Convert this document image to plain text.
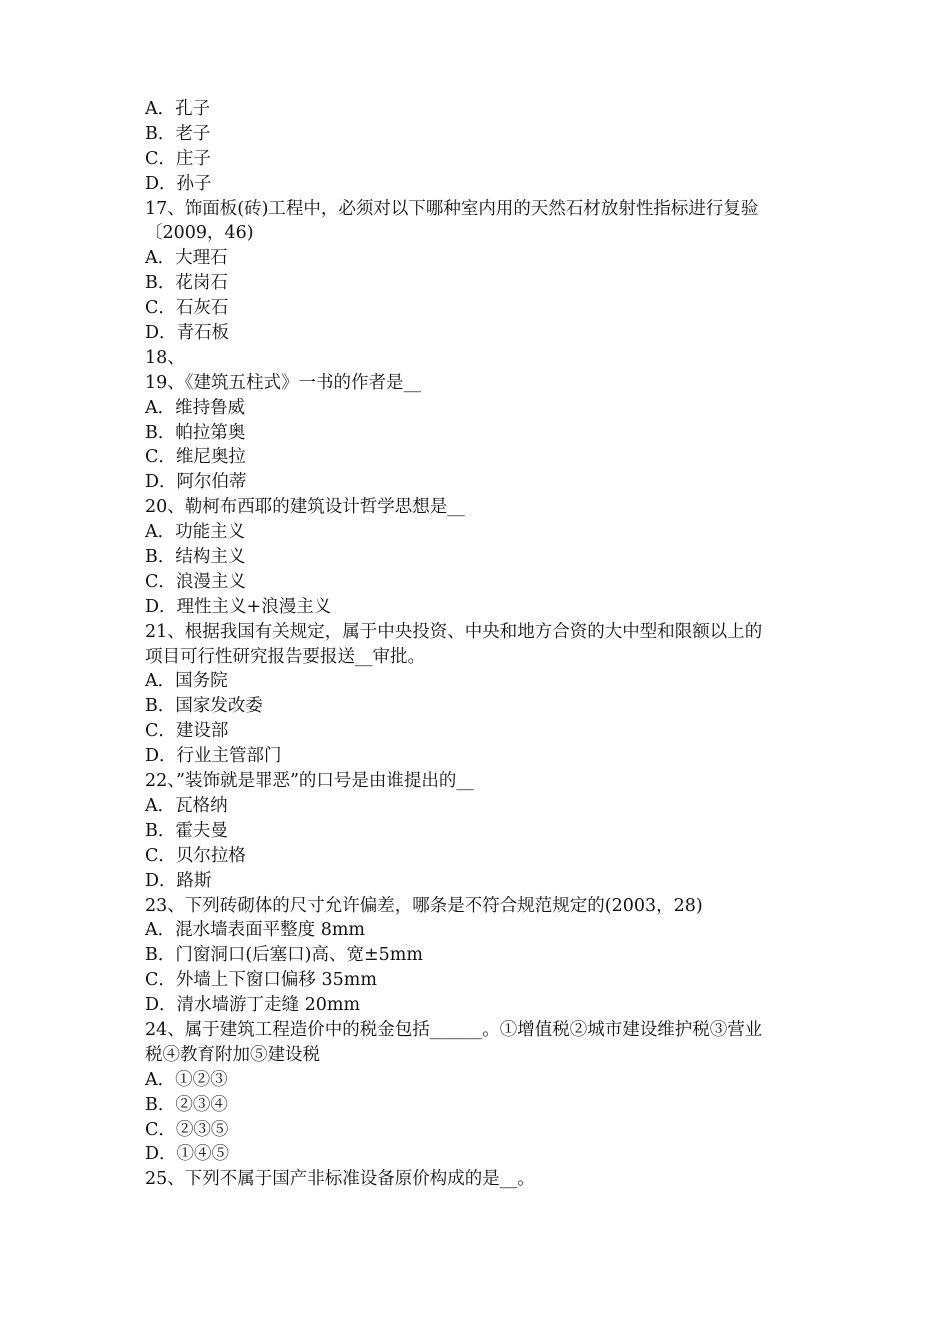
A．孔子
B．老子
C．庄子
D．孙子
17、饰面板(砖)工程中，必须对以下哪种室内用的天然石材放射性指标进行复验
〔2009，46)
A．大理石
B．花岗石
C．石灰石
D．青石板
18、
19、《建筑五柱式》一书的作者是__
A．维持鲁威
B．帕拉第奥
C．维尼奥拉
D．阿尔伯蒂
20、勒柯布西耶的建筑设计哲学思想是__
A．功能主义
B．结构主义
C．浪漫主义
D．理性主义+浪漫主义
21、根据我国有关规定，属于中央投资、中央和地方合资的大中型和限额以上的
项目可行性研究报告要报送__审批。
A．国务院
B．国家发改委
C．建设部
D．行业主管部门
22、”装饰就是罪恶”的口号是由谁提出的__
A．瓦格纳
B．霍夫曼
C．贝尔拉格
D．路斯
23、下列砖砌体的尺寸允许偏差，哪条是不符合规范规定的(2003，28)
A．混水墙表面平整度 8mm
B．门窗洞口(后塞口)高、宽±5mm
C．外墙上下窗口偏移 35mm
D．清水墙游丁走缝 20mm
24、属于建筑工程造价中的税金包括______。①增值税②城市建设维护税③营业
税④教育附加⑤建设税
A．①②③
B．②③④
C．②③⑤
D．①④⑤
25、下列不属于国产非标准设备原价构成的是__。
